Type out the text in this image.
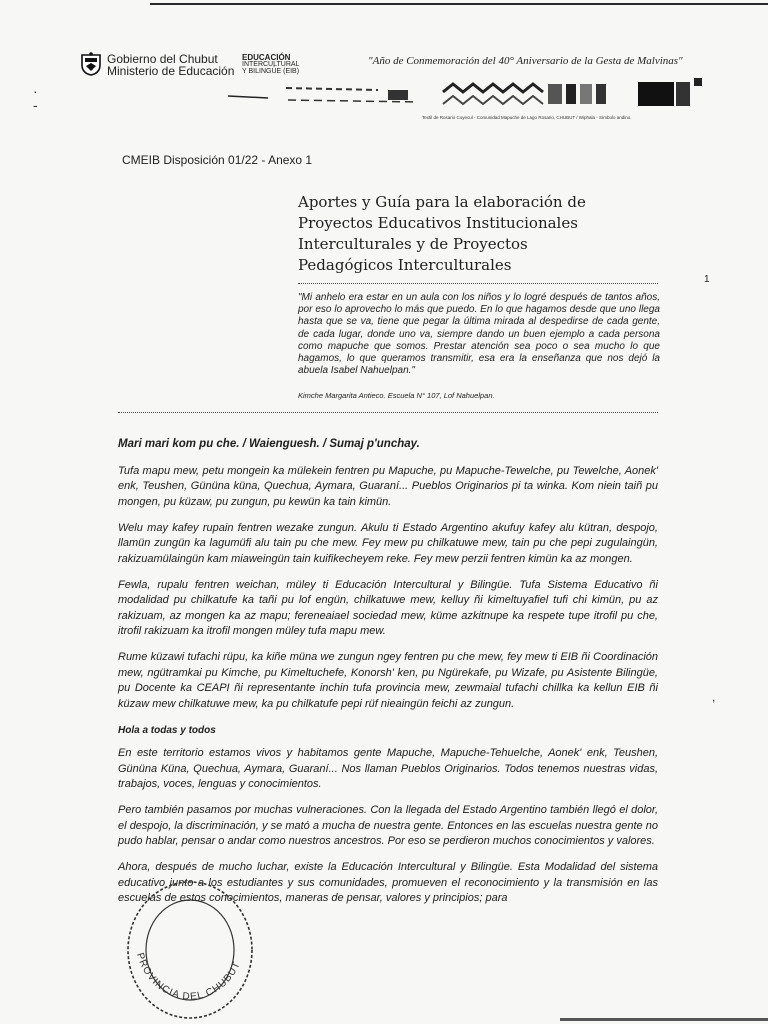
·
-
Gobierno del Chubut
Ministerio de Educación
EDUCACIÓN
INTERCULTURAL
Y BILINGÜE (EIB)
"Año de Conmemoración del 40° Aniversario de la Gesta de Malvinas"
Textil de Rosario Coyecul - Comunidad Mapuche de Lago Rosario, CHUBUT / Wiphala - Símbolo andino.
CMEIB Disposición 01/22 - Anexo 1
Aportes y Guía para la elaboración de
Proyectos Educativos Institucionales
Interculturales y de Proyectos
Pedagógicos Interculturales
1
"Mi anhelo era estar en un aula con los niños y lo logré después de tantos años, por eso lo aprovecho lo más que puedo. En lo que hagamos desde que uno llega hasta que se va, tiene que pegar la última mirada al despedirse de cada gente, de cada lugar, donde uno va, siempre dando un buen ejemplo a cada persona como mapuche que somos. Prestar atención sea poco o sea mucho lo que hagamos, lo que queramos transmitir, esa era la enseñanza que nos dejó la abuela Isabel Nahuelpan."
Kimche Margarita Antieco. Escuela N° 107, Lof Nahuelpan.

Mari mari kom pu che. / Waienguesh. / Sumaj p'unchay.

Tufa mapu mew, petu mongein ka mülekein fentren pu Mapuche, pu Mapuche-Tewelche, pu Tewelche, Aonek' enk, Teushen, Gününa küna, Quechua, Aymara, Guaraní... Pueblos Originarios pi ta winka. Kom niein taiñ pu mongen, pu küzaw, pu zungun, pu kewün ka tain kimün.

Welu may kafey rupain fentren wezake zungun. Akulu ti Estado Argentino akufuy kafey alu kütran, despojo, llamün zungün ka lagumüfi alu tain pu che mew. Fey mew pu chilkatuwe mew, tain pu che pepi zugulaingün, rakizuamülaingün kam miaweingün tain kuifikecheyem reke. Fey mew perzii fentren kimün ka az mongen.

Fewla, rupalu fentren weichan, müley ti Educación Intercultural y Bilingüe. Tufa Sistema Educativo ñi modalidad pu chilkatufe ka tañi pu lof engün, chilkatuwe mew, kelluy ñi kimeltuyafiel tufi chi kimün, pu az rakizuam, az mongen ka az mapu; fereneaiael sociedad mew, küme azkitnupe ka respete tupe itrofil pu che, itrofil rakizuam ka itrofil mongen müley tufa mapu mew.

Rume küzawi tufachi rüpu, ka kiñe müna we zungun ngey fentren pu che mew, fey mew ti EIB ñi Coordinación mew, ngütramkai pu Kimche, pu Kimeltuchefe, Konorsh' ken, pu Ngürekafe, pu Wizafe, pu Asistente Bilingüe, pu Docente ka CEAPI ñi representante inchin tufa provincia mew, zewmaial tufachi chillka ka kellun EIB ñi küzaw mew chilkatuwe mew, ka pu chilkatufe pepi rüf nieaingün feichi az zungun.

Hola a todas y todos

En este territorio estamos vivos y habitamos gente Mapuche, Mapuche-Tehuelche, Aonek' enk, Teushen, Gününa Küna, Quechua, Aymara, Guaraní... Nos llaman Pueblos Originarios. Todos tenemos nuestras vidas, trabajos, voces, lenguas y conocimientos.

Pero también pasamos por muchas vulneraciones. Con la llegada del Estado Argentino también llegó el dolor, el despojo, la discriminación, y se mató a mucha de nuestra gente. Entonces en las escuelas nuestra gente no pudo hablar, pensar o andar como nuestros ancestros. Por eso se perdieron muchos conocimientos y valores.

Ahora, después de mucho luchar, existe la Educación Intercultural y Bilingüe. Esta Modalidad del sistema educativo junto a los estudiantes y sus comunidades, promueven el reconocimiento y la transmisión en las escuelas de estos conocimientos, maneras de pensar, valores y principios; para

,
PROVINCIA DEL CHUBUT
